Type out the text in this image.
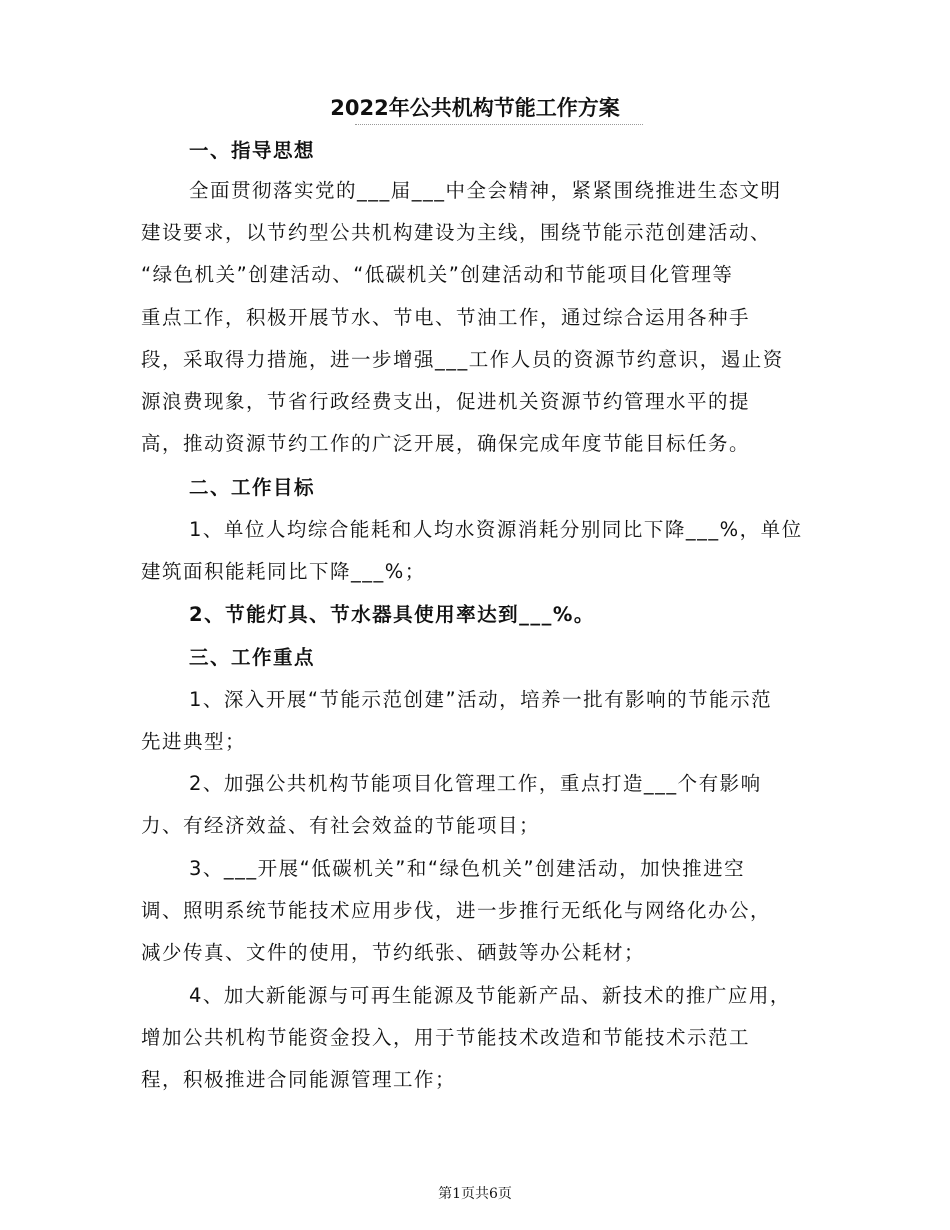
2022年公共机构节能工作方案
一、指导思想
全面贯彻落实党的___届___中全会精神，紧紧围绕推进生态文明
建设要求，以节约型公共机构建设为主线，围绕节能示范创建活动、
“绿色机关”创建活动、“低碳机关”创建活动和节能项目化管理等
重点工作，积极开展节水、节电、节油工作，通过综合运用各种手
段，采取得力措施，进一步增强___工作人员的资源节约意识，遏止资
源浪费现象，节省行政经费支出，促进机关资源节约管理水平的提
高，推动资源节约工作的广泛开展，确保完成年度节能目标任务。
二、工作目标
1、单位人均综合能耗和人均水资源消耗分别同比下降___%，单位
建筑面积能耗同比下降___%；
2、节能灯具、节水器具使用率达到___%。
三、工作重点
1、深入开展“节能示范创建”活动，培养一批有影响的节能示范
先进典型；
2、加强公共机构节能项目化管理工作，重点打造___个有影响
力、有经济效益、有社会效益的节能项目；
3、___开展“低碳机关”和“绿色机关”创建活动，加快推进空
调、照明系统节能技术应用步伐，进一步推行无纸化与网络化办公，
减少传真、文件的使用，节约纸张、硒鼓等办公耗材；
4、加大新能源与可再生能源及节能新产品、新技术的推广应用，
增加公共机构节能资金投入，用于节能技术改造和节能技术示范工
程，积极推进合同能源管理工作；
第1页共6页
